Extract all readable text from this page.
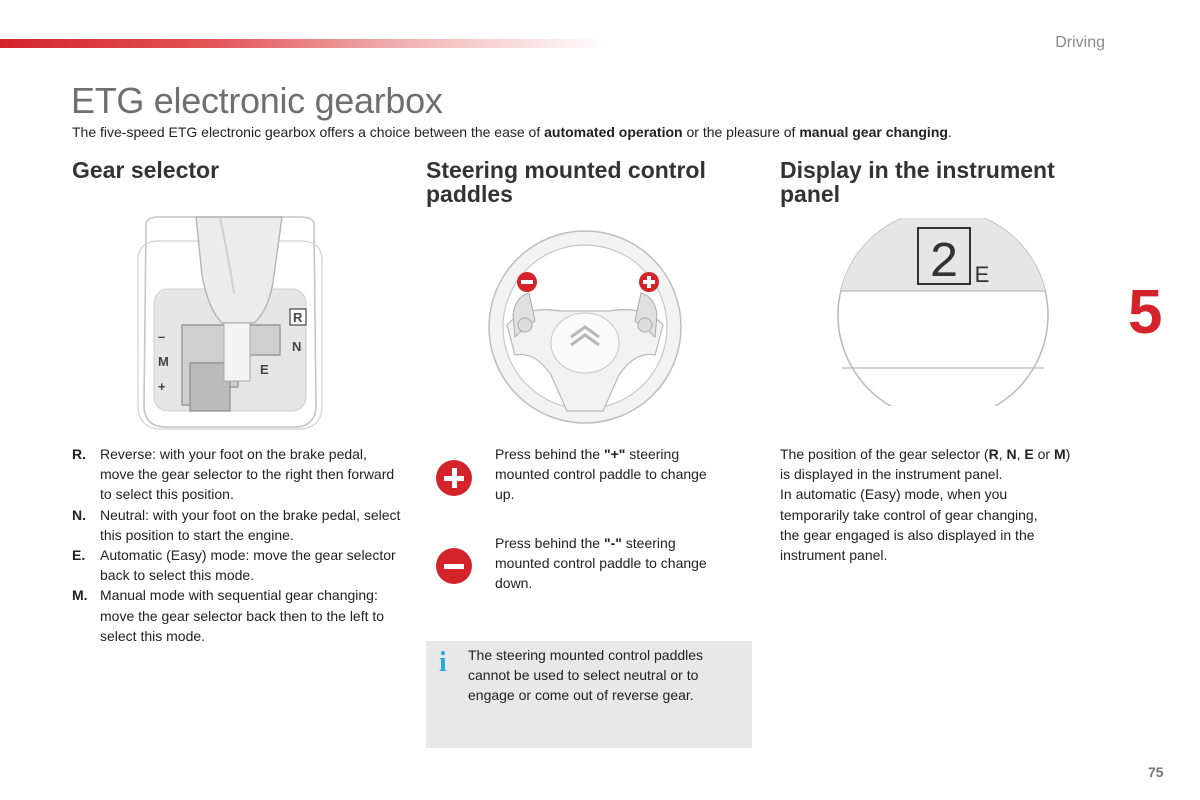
Driving
5
75
ETG electronic gearbox

The five-speed ETG electronic gearbox offers a choice between the ease of automated operation or the pleasure of manual gear changing.

Gear selector	Steering mounted control
paddles
Display in the instrument
panel
R
N
E
–
M
+
2 E
R.	Reverse: with your foot on the brake pedal, move the gear selector to the right then forward to select this position.
N.	Neutral: with your foot on the brake pedal, select this position to start the engine.
E.	Automatic (Easy) mode: move the gear selector back to select this mode.
M. Manual mode with sequential gear changing: move the gear selector back then to the left to select this mode.
Press behind the "+" steering
mounted control paddle to change
up.
Press behind the "-" steering
mounted control paddle to change
down.
i The steering mounted control paddles
cannot be used to select neutral or to
engage or come out of reverse gear.
The position of the gear selector (R, N, E or M)
is displayed in the instrument panel.
In automatic (Easy) mode, when you
temporarily take control of gear changing,
the gear engaged is also displayed in the
instrument panel.
